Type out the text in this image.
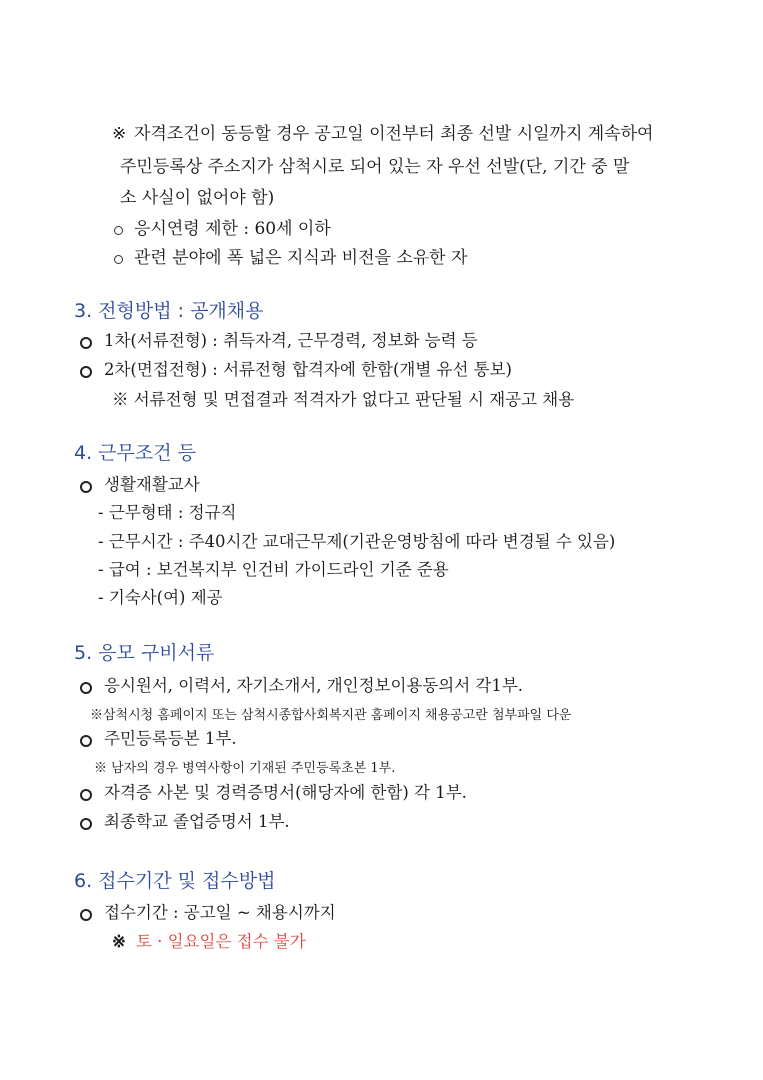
※ 자격조건이 동등할 경우 공고일 이전부터 최종 선발 시일까지 계속하여
주민등록상 주소지가 삼척시로 되어 있는 자 우선 선발(단, 기간 중 말
소 사실이 없어야 함)
응시연령 제한 : 60세 이하
관련 분야에 폭 넓은 지식과 비전을 소유한 자
3. 전형방법 : 공개채용
1차(서류전형) : 취득자격, 근무경력, 정보화 능력 등
2차(면접전형) : 서류전형 합격자에 한함(개별 유선 통보)
※ 서류전형 및 면접결과 적격자가 없다고 판단될 시 재공고 채용
4. 근무조건 등
생활재활교사
- 근무형태 : 정규직
- 근무시간 : 주40시간 교대근무제(기관운영방침에 따라 변경될 수 있음)
- 급여 : 보건복지부 인건비 가이드라인 기준 준용
- 기숙사(여) 제공
5. 응모 구비서류
응시원서, 이력서, 자기소개서, 개인정보이용동의서 각1부.
※삼척시청 홈페이지 또는 삼척시종합사회복지관 홈페이지 채용공고란 첨부파일 다운
주민등록등본 1부.
※ 남자의 경우 병역사항이 기재된 주민등록초본 1부.
자격증 사본 및 경력증명서(해당자에 한함) 각 1부.
최종학교 졸업증명서 1부.
6. 접수기간 및 접수방법
접수기간 : 공고일 ~ 채용시까지
※ 토 · 일요일은 접수 불가
